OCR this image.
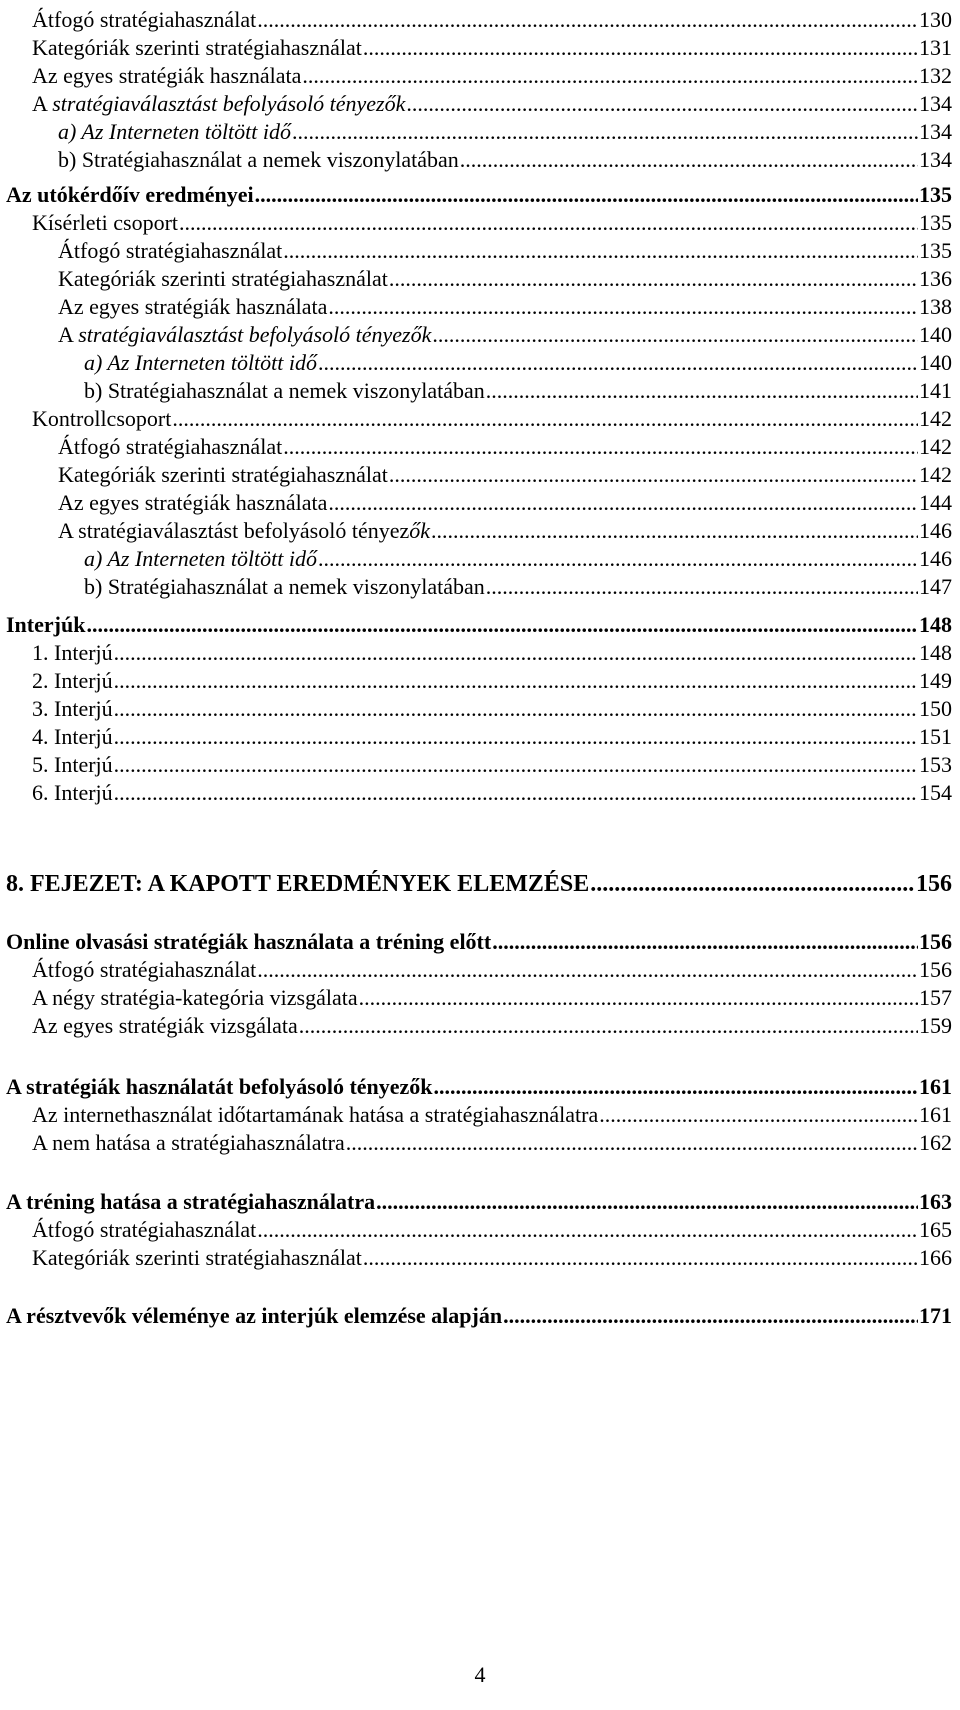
Átfogó stratégiahasználat .....	130
Kategóriák szerinti stratégiahasználat .....	131
Az egyes stratégiák használata .....	132
A stratégiaválasztást befolyásoló tényezők .....	134
a) Az Interneten töltött idő .....	134
b) Stratégiahasználat a nemek viszonylatában .....	134
Az utókérdőív eredményei .....	135
Kísérleti csoport .....	135
Átfogó stratégiahasználat .....	135
Kategóriák szerinti stratégiahasználat .....	136
Az egyes stratégiák használata .....	138
A stratégiaválasztást befolyásoló tényezők .....	140
a) Az Interneten töltött idő .....	140
b) Stratégiahasználat a nemek viszonylatában .....	141
Kontrollcsoport .....	142
Átfogó stratégiahasználat .....	142
Kategóriák szerinti stratégiahasználat .....	142
Az egyes stratégiák használata .....	144
A stratégiaválasztást befolyásoló tényezők .....	146
a) Az Interneten töltött idő .....	146
b) Stratégiahasználat a nemek viszonylatában .....	147
Interjúk .....	148
1. Interjú .....	148
2. Interjú .....	149
3. Interjú .....	150
4. Interjú .....	151
5. Interjú .....	153
6. Interjú .....	154
8. FEJEZET: A KAPOTT EREDMÉNYEK ELEMZÉSE .....	156
Online olvasási stratégiák használata a tréning előtt .....	156
Átfogó stratégiahasználat .....	156
A négy stratégia-kategória vizsgálata .....	157
Az egyes stratégiák vizsgálata .....	159
A stratégiák használatát befolyásoló tényezők .....	161
Az internethasználat időtartamának hatása a stratégiahasználatra .....	161
A nem hatása a stratégiahasználatra .....	162
A tréning hatása a stratégiahasználatra .....	163
Átfogó stratégiahasználat .....	165
Kategóriák szerinti stratégiahasználat .....	166
A résztvevők véleménye az interjúk elemzése alapján .....	171
4
